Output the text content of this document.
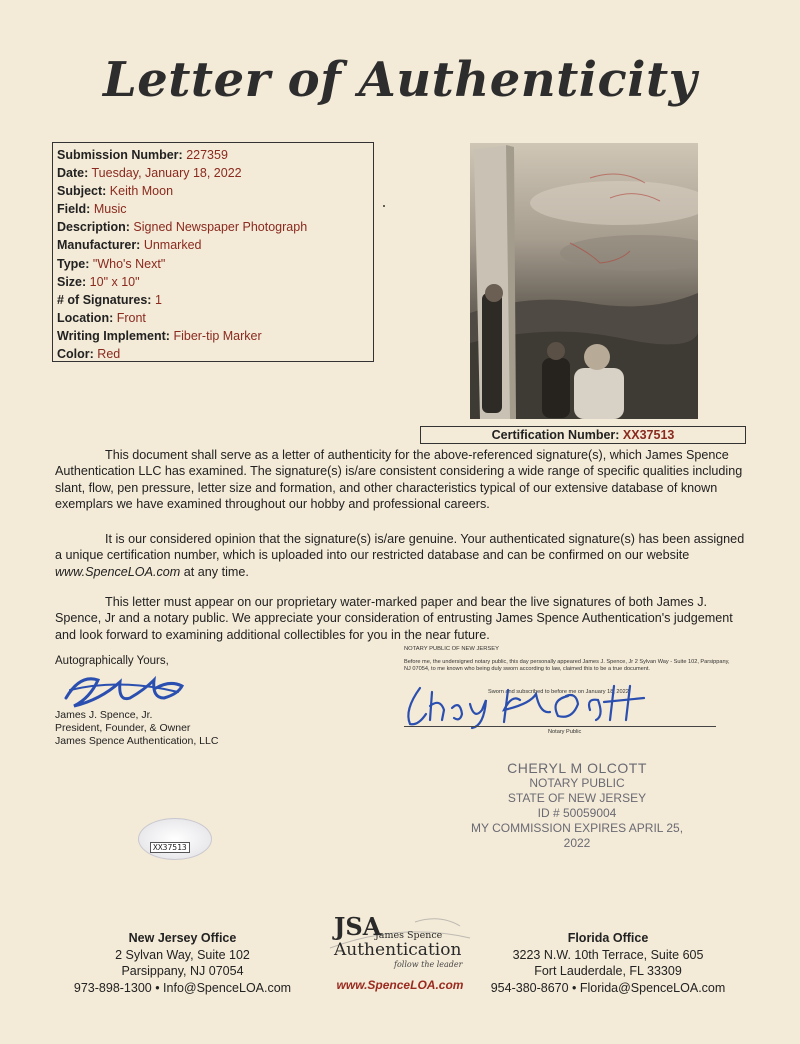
Letter of Authenticity
Submission Number: 227359
Date: Tuesday, January 18, 2022
Subject: Keith Moon
Field: Music
Description: Signed Newspaper Photograph
Manufacturer: Unmarked
Type: "Who's Next"
Size: 10" x 10"
# of Signatures: 1
Location: Front
Writing Implement: Fiber-tip Marker
Color: Red
Certification Number: XX37513

This document shall serve as a letter of authenticity for the above-referenced signature(s), which James Spence Authentication LLC has examined. The signature(s) is/are consistent considering a wide range of specific qualities including slant, flow, pen pressure, letter size and formation, and other characteristics typical of our extensive database of known exemplars we have examined throughout our hobby and professional careers.

It is our considered opinion that the signature(s) is/are genuine. Your authenticated signature(s) has been assigned a unique certification number, which is uploaded into our restricted database and can be confirmed on our website www.SpenceLOA.com at any time.

This letter must appear on our proprietary water-marked paper and bear the live signatures of both James J. Spence, Jr and a notary public. We appreciate your consideration of entrusting James Spence Authentication's judgement and look forward to examining additional collectibles for you in the near future.

Autographically Yours,
James J. Spence, Jr.
President, Founder, & Owner
James Spence Authentication, LLC
NOTARY PUBLIC OF NEW JERSEY
Before me, the undersigned notary public, this day personally appeared James J. Spence, Jr 2 Sylvan Way - Suite 102, Parsippany, NJ 07054, to me known who being duly sworn according to law, claimed this to be a true document.
Sworn and subscribed to before me on January 18, 2022
Notary Public
CHERYL M OLCOTT
NOTARY PUBLIC
STATE OF NEW JERSEY
ID # 50059004
MY COMMISSION EXPIRES APRIL 25, 2022
XX37513
New Jersey Office
2 Sylvan Way, Suite 102
Parsippany, NJ 07054
973-898-1300 • Info@SpenceLOA.com
JSA
James Spence
Authentication
follow the leader
www.SpenceLOA.com
Florida Office
3223 N.W. 10th Terrace, Suite 605
Fort Lauderdale, FL 33309
954-380-8670 • Florida@SpenceLOA.com
